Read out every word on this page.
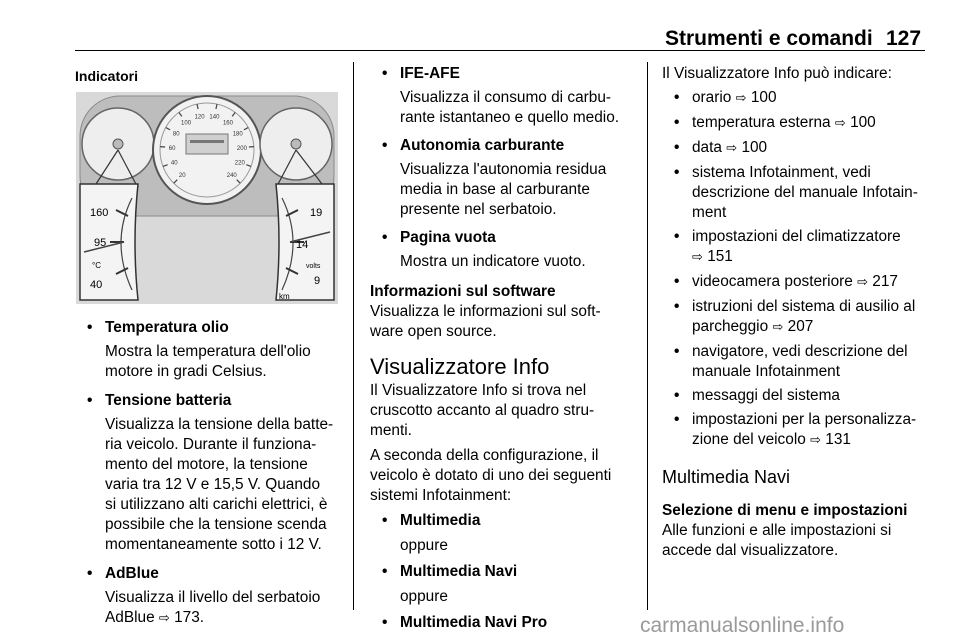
Strumenti e comandi 127

Indicatori

20
40
60
80
100
120 140
160
180
200
220
240
160
95
40
°C
19
14
9
volts
km
• Temperatura olio

Mostra la temperatura dell'olio

motore in gradi Celsius.

• Tensione batteria

Visualizza la tensione della batte-

ria veicolo. Durante il funziona-

mento del motore, la tensione

varia tra 12 V e 15,5 V. Quando

si utilizzano alti carichi elettrici, è

possibile che la tensione scenda

momentaneamente sotto i 12 V.

• AdBlue

Visualizza il livello del serbatoio

AdBlue ⇨ 173.

• IFE-AFE

Visualizza il consumo di carbu-

rante istantaneo e quello medio.

• Autonomia carburante

Visualizza l'autonomia residua

media in base al carburante

presente nel serbatoio.

• Pagina vuota

Mostra un indicatore vuoto.

Informazioni sul software

Visualizza le informazioni sul soft-

ware open source.

Visualizzatore Info

Il Visualizzatore Info si trova nel

cruscotto accanto al quadro stru-

menti.

A seconda della configurazione, il

veicolo è dotato di uno dei seguenti

sistemi Infotainment:

• Multimedia

oppure

• Multimedia Navi

oppure

• Multimedia Navi Pro

Il Visualizzatore Info può indicare:

• orario ⇨ 100

• temperatura esterna ⇨ 100

• data ⇨ 100

• sistema Infotainment, vedi

descrizione del manuale Infotain-

ment

• impostazioni del climatizzatore

⇨ 151

• videocamera posteriore ⇨ 217

• istruzioni del sistema di ausilio al

parcheggio ⇨ 207

• navigatore, vedi descrizione del

manuale Infotainment

• messaggi del sistema

• impostazioni per la personalizza-

zione del veicolo ⇨ 131

Multimedia Navi

Selezione di menu e impostazioni

Alle funzioni e alle impostazioni si

accede dal visualizzatore.

carmanualsonline.info
